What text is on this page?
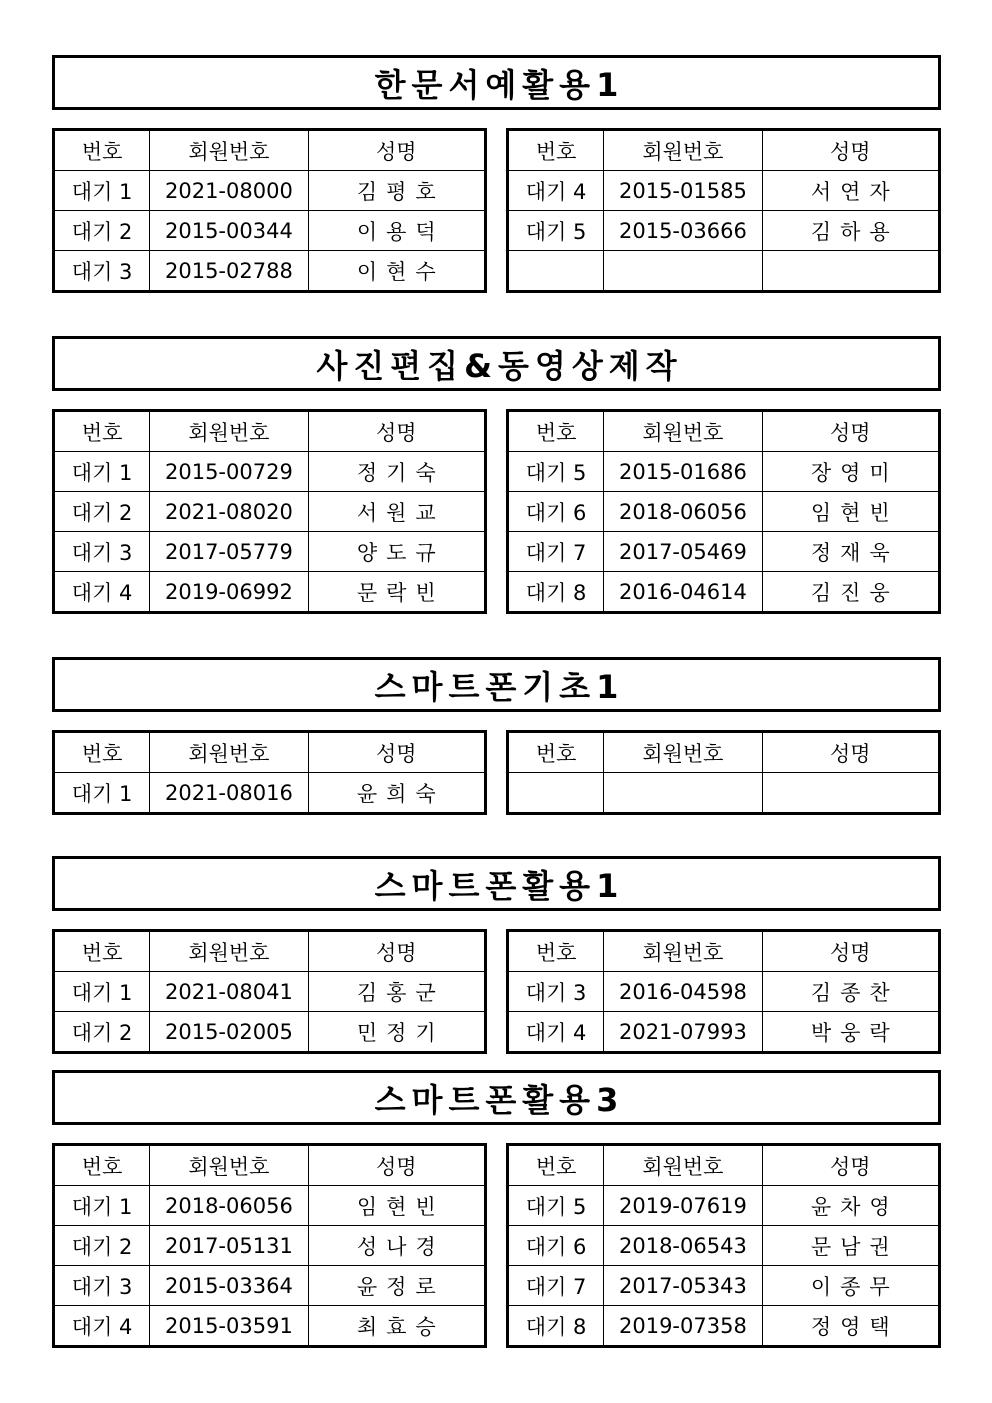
한문서예활용1
번호	회원번호	성명
대기 1	2021-08000	김평호
대기 2	2015-00344	이용덕
대기 3	2015-02788	이현수
번호	회원번호	성명
대기 4	2015-01585	서연자
대기 5	2015-03666	김하용

사진편집&동영상제작
번호	회원번호	성명
대기 1	2015-00729	정기숙
대기 2	2021-08020	서원교
대기 3	2017-05779	양도규
대기 4	2019-06992	문락빈
번호	회원번호	성명
대기 5	2015-01686	장영미
대기 6	2018-06056	임현빈
대기 7	2017-05469	정재욱
대기 8	2016-04614	김진웅
스마트폰기초1
번호	회원번호	성명
대기 1	2021-08016	윤희숙
번호	회원번호	성명

스마트폰활용1
번호	회원번호	성명
대기 1	2021-08041	김홍군
대기 2	2015-02005	민정기
번호	회원번호	성명
대기 3	2016-04598	김종찬
대기 4	2021-07993	박웅락
스마트폰활용3
번호	회원번호	성명
대기 1	2018-06056	임현빈
대기 2	2017-05131	성나경
대기 3	2015-03364	윤정로
대기 4	2015-03591	최효승
번호	회원번호	성명
대기 5	2019-07619	윤차영
대기 6	2018-06543	문남권
대기 7	2017-05343	이종무
대기 8	2019-07358	정영택
